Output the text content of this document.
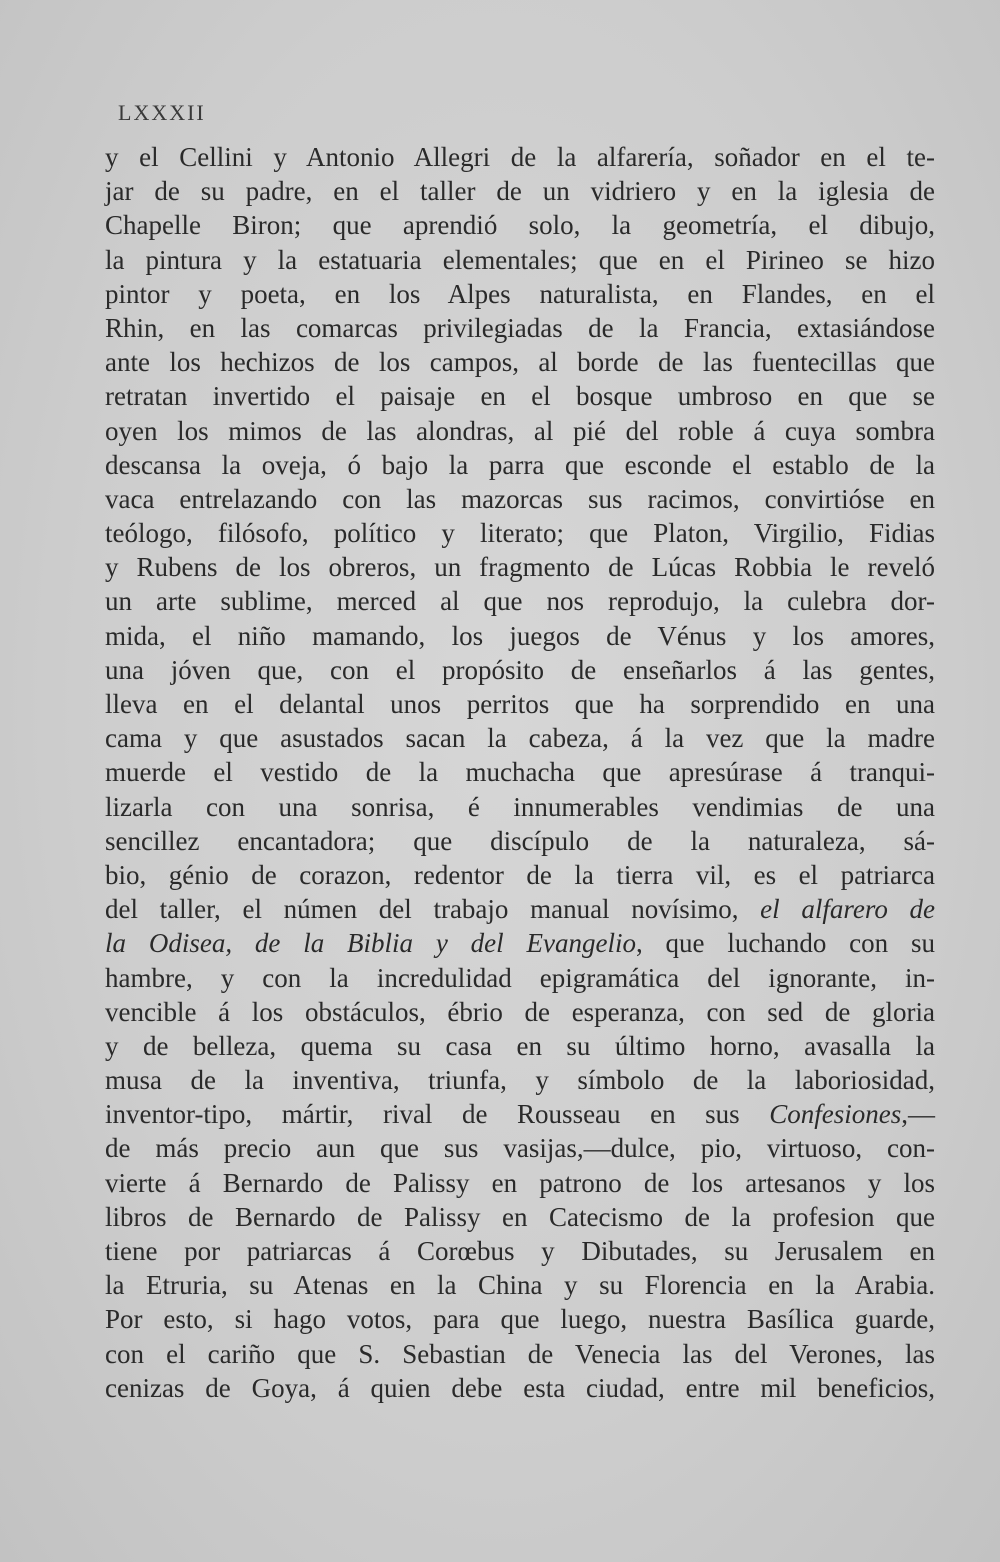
LXXXII
y el Cellini y Antonio Allegri de la alfarería, soñador en el te-
jar de su padre, en el taller de un vidriero y en la iglesia de
Chapelle Biron; que aprendió solo, la geometría, el dibujo,
la pintura y la estatuaria elementales; que en el Pirineo se hizo
pintor y poeta, en los Alpes naturalista, en Flandes, en el
Rhin, en las comarcas privilegiadas de la Francia, extasiándose
ante los hechizos de los campos, al borde de las fuentecillas que
retratan invertido el paisaje en el bosque umbroso en que se
oyen los mimos de las alondras, al pié del roble á cuya sombra
descansa la oveja, ó bajo la parra que esconde el establo de la
vaca entrelazando con las mazorcas sus racimos, convirtióse en
teólogo, filósofo, político y literato; que Platon, Virgilio, Fidias
y Rubens de los obreros, un fragmento de Lúcas Robbia le reveló
un arte sublime, merced al que nos reprodujo, la culebra dor-
mida, el niño mamando, los juegos de Vénus y los amores,
una jóven que, con el propósito de enseñarlos á las gentes,
lleva en el delantal unos perritos que ha sorprendido en una
cama y que asustados sacan la cabeza, á la vez que la madre
muerde el vestido de la muchacha que apresúrase á tranqui-
lizarla con una sonrisa, é innumerables vendimias de una
sencillez encantadora; que discípulo de la naturaleza, sá-
bio, génio de corazon, redentor de la tierra vil, es el patriarca
del taller, el númen del trabajo manual novísimo, el alfarero de
la Odisea, de la Biblia y del Evangelio, que luchando con su
hambre, y con la incredulidad epigramática del ignorante, in-
vencible á los obstáculos, ébrio de esperanza, con sed de gloria
y de belleza, quema su casa en su último horno, avasalla la
musa de la inventiva, triunfa, y símbolo de la laboriosidad,
inventor-tipo, mártir, rival de Rousseau en sus Confesiones,—
de más precio aun que sus vasijas,—dulce, pio, virtuoso, con-
vierte á Bernardo de Palissy en patrono de los artesanos y los
libros de Bernardo de Palissy en Catecismo de la profesion que
tiene por patriarcas á Corœbus y Dibutades, su Jerusalem en
la Etruria, su Atenas en la China y su Florencia en la Arabia.
Por esto, si hago votos, para que luego, nuestra Basílica guarde,
con el cariño que S. Sebastian de Venecia las del Verones, las
cenizas de Goya, á quien debe esta ciudad, entre mil beneficios,
